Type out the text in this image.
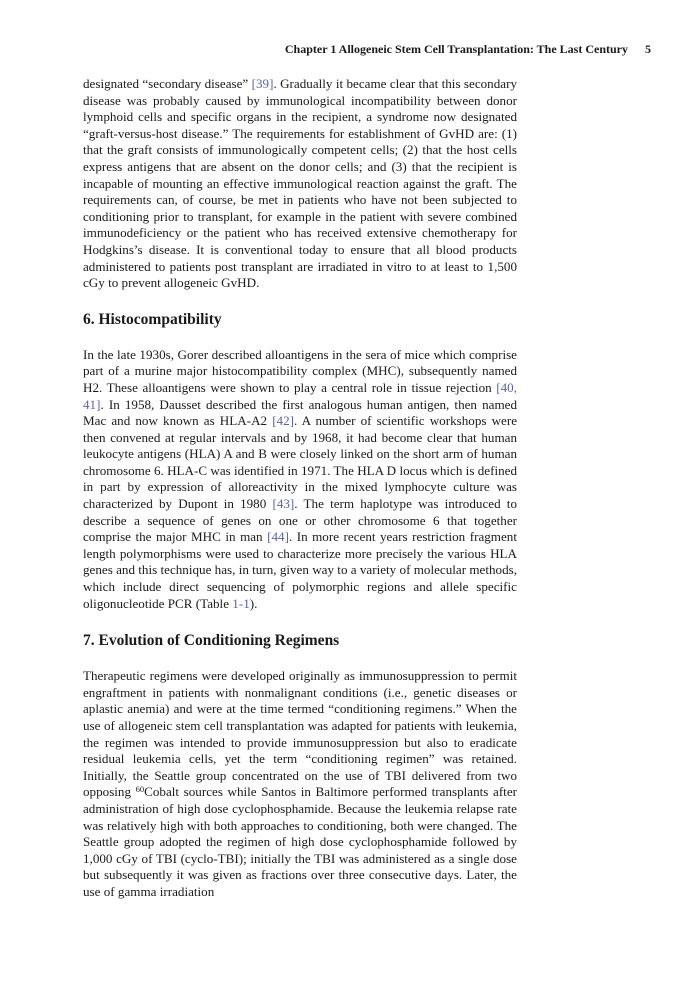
Chapter 1 Allogeneic Stem Cell Transplantation: The Last Century 5

designated “secondary disease” [39]. Gradually it became clear that this secondary disease was probably caused by immunological incompatibility between donor lymphoid cells and specific organs in the recipient, a syndrome now designated “graft-versus-host disease.” The requirements for establishment of GvHD are: (1) that the graft consists of immunologically competent cells; (2) that the host cells express antigens that are absent on the donor cells; and (3) that the recipient is incapable of mounting an effective immunological reaction against the graft. The requirements can, of course, be met in patients who have not been subjected to conditioning prior to transplant, for example in the patient with severe combined immunodeficiency or the patient who has received extensive chemotherapy for Hodgkins’s disease. It is conventional today to ensure that all blood products administered to patients post transplant are irradiated in vitro to at least to 1,500 cGy to prevent allogeneic GvHD.

6. Histocompatibility

In the late 1930s, Gorer described alloantigens in the sera of mice which comprise part of a murine major histocompatibility complex (MHC), subsequently named H2. These alloantigens were shown to play a central role in tissue rejection [40, 41]. In 1958, Dausset described the first analogous human antigen, then named Mac and now known as HLA-A2 [42]. A number of scientific workshops were then convened at regular intervals and by 1968, it had become clear that human leukocyte antigens (HLA) A and B were closely linked on the short arm of human chromosome 6. HLA-C was identified in 1971. The HLA D locus which is defined in part by expression of alloreactivity in the mixed lymphocyte culture was characterized by Dupont in 1980 [43]. The term haplotype was introduced to describe a sequence of genes on one or other chromosome 6 that together comprise the major MHC in man [44]. In more recent years restriction fragment length polymorphisms were used to characterize more precisely the various HLA genes and this technique has, in turn, given way to a variety of molecular methods, which include direct sequencing of polymorphic regions and allele specific oligonucleotide PCR (Table 1-1).

7. Evolution of Conditioning Regimens

Therapeutic regimens were developed originally as immunosuppression to permit engraftment in patients with nonmalignant conditions (i.e., genetic diseases or aplastic anemia) and were at the time termed “conditioning regimens.” When the use of allogeneic stem cell transplantation was adapted for patients with leukemia, the regimen was intended to provide immunosuppression but also to eradicate residual leukemia cells, yet the term “conditioning regimen” was retained. Initially, the Seattle group concentrated on the use of TBI delivered from two opposing $^{60}$Cobalt sources while Santos in Baltimore performed transplants after administration of high dose cyclophosphamide. Because the leukemia relapse rate was relatively high with both approaches to conditioning, both were changed. The Seattle group adopted the regimen of high dose cyclophosphamide followed by 1,000 cGy of TBI (cyclo-TBI); initially the TBI was administered as a single dose but subsequently it was given as fractions over three consecutive days. Later, the use of gamma irradiation
